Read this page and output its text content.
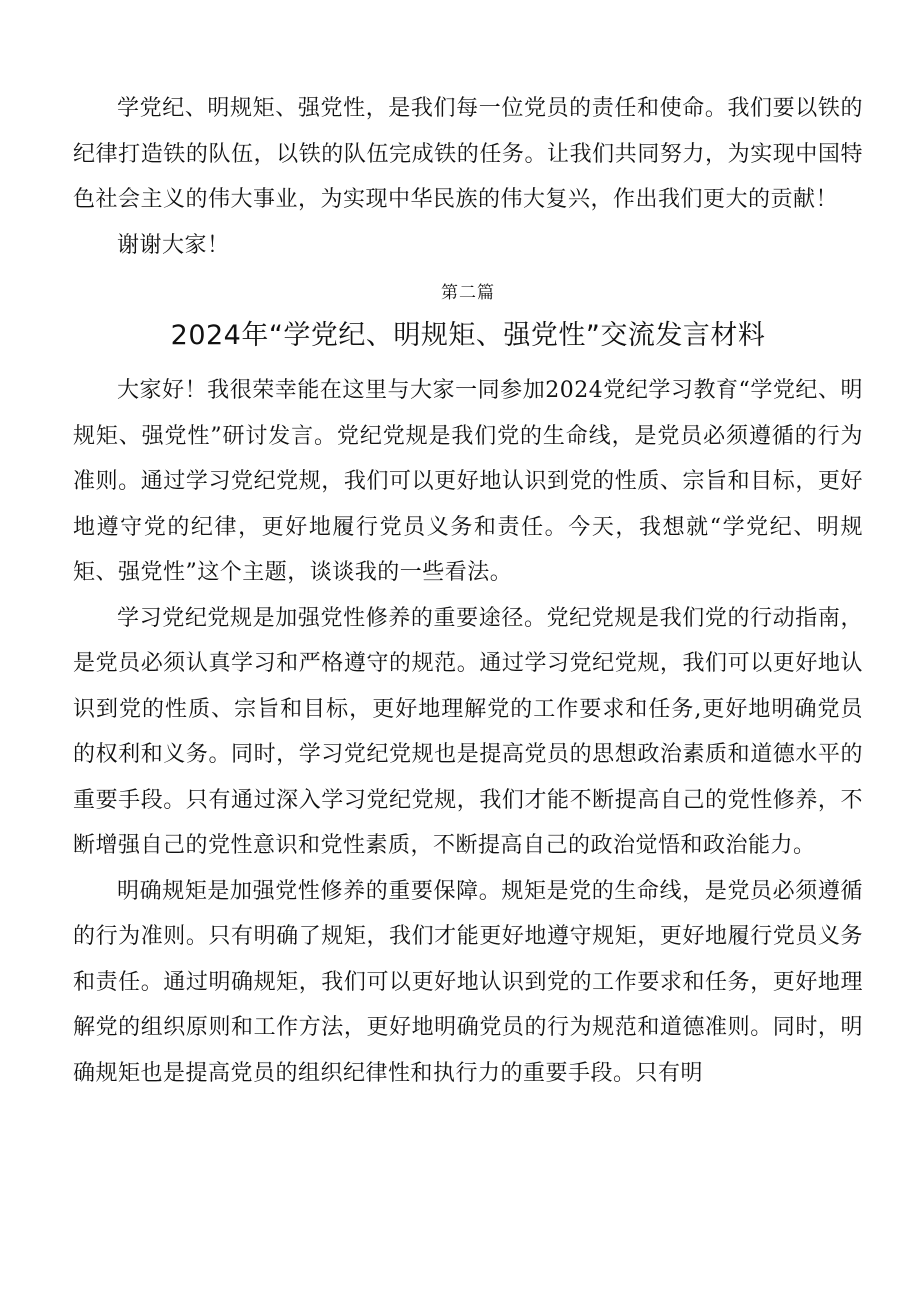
学党纪、明规矩、强党性，是我们每一位党员的责任和使命。我们要以铁的纪律打造铁的队伍，以铁的队伍完成铁的任务。让我们共同努力，为实现中国特色社会主义的伟大事业，为实现中华民族的伟大复兴，作出我们更大的贡献！

谢谢大家！

第二篇
2024年“学党纪、明规矩、强党性”交流发言材料

大家好！我很荣幸能在这里与大家一同参加2024党纪学习教育“学党纪、明规矩、强党性”研讨发言。党纪党规是我们党的生命线，是党员必须遵循的行为准则。通过学习党纪党规，我们可以更好地认识到党的性质、宗旨和目标，更好地遵守党的纪律，更好地履行党员义务和责任。今天，我想就“学党纪、明规矩、强党性”这个主题，谈谈我的一些看法。

学习党纪党规是加强党性修养的重要途径。党纪党规是我们党的行动指南，是党员必须认真学习和严格遵守的规范。通过学习党纪党规，我们可以更好地认识到党的性质、宗旨和目标，更好地理解党的工作要求和任务,更好地明确党员的权利和义务。同时，学习党纪党规也是提高党员的思想政治素质和道德水平的重要手段。只有通过深入学习党纪党规，我们才能不断提高自己的党性修养，不断增强自己的党性意识和党性素质，不断提高自己的政治觉悟和政治能力。

明确规矩是加强党性修养的重要保障。规矩是党的生命线，是党员必须遵循的行为准则。只有明确了规矩，我们才能更好地遵守规矩，更好地履行党员义务和责任。通过明确规矩，我们可以更好地认识到党的工作要求和任务，更好地理解党的组织原则和工作方法，更好地明确党员的行为规范和道德准则。同时，明确规矩也是提高党员的组织纪律性和执行力的重要手段。只有明
